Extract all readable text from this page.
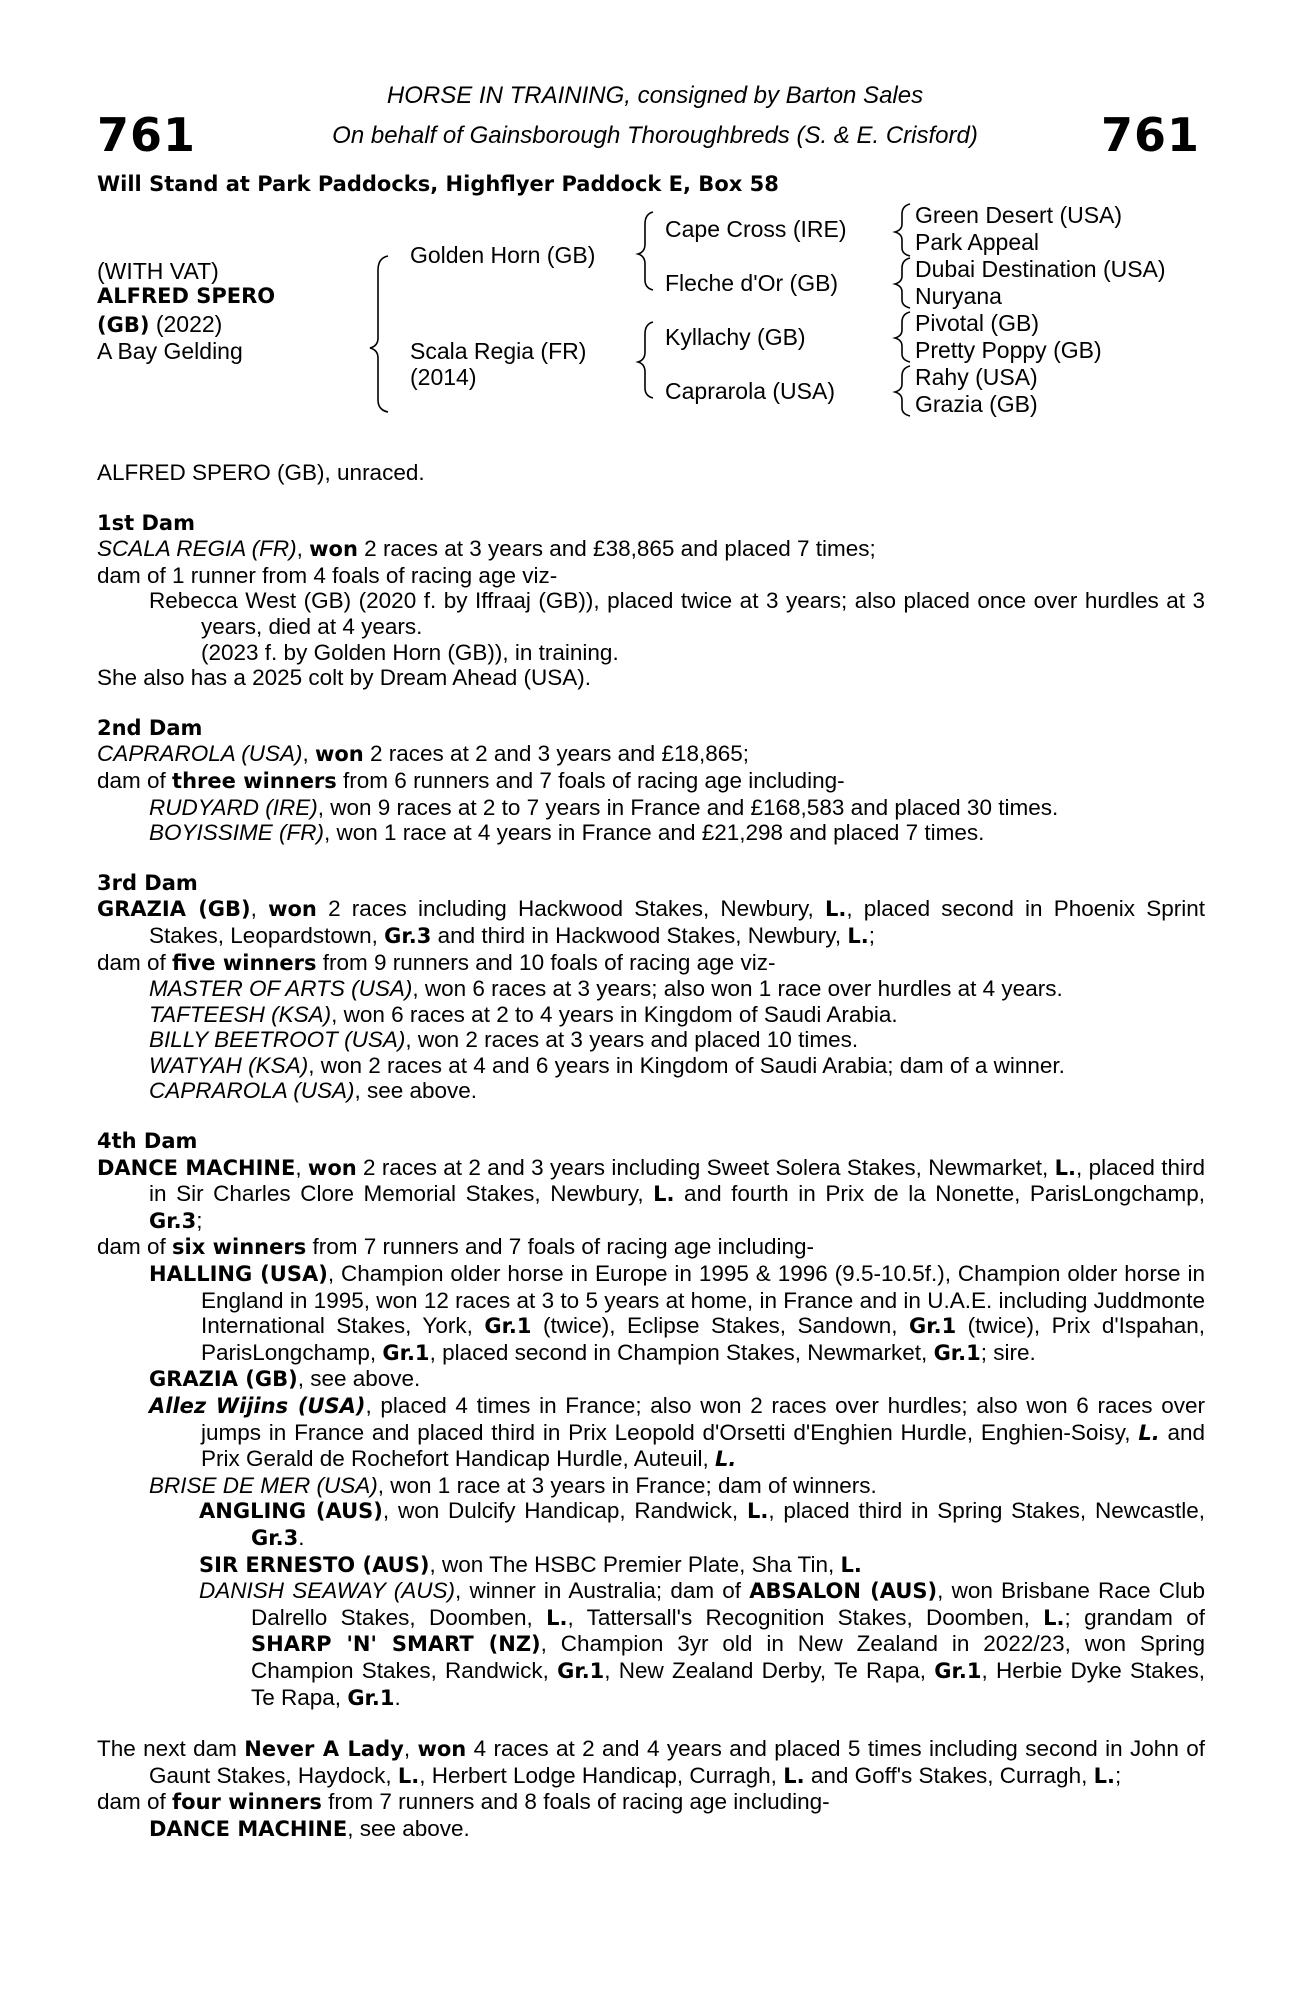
761	761
HORSE IN TRAINING, consigned by Barton Sales
On behalf of Gainsborough Thoroughbreds (S. & E. Crisford)
Will Stand at Park Paddocks, Highflyer Paddock E, Box 58
(WITH VAT)
ALFRED SPERO
(GB) (2022)
A Bay Gelding
Golden Horn (GB)
Scala Regia (FR)
(2014)
Cape Cross (IRE)
Fleche d'Or (GB)
Kyllachy (GB)
Caprarola (USA)
Green Desert (USA)
Park Appeal
Dubai Destination (USA)
Nuryana
Pivotal (GB)
Pretty Poppy (GB)
Rahy (USA)
Grazia (GB)

ALFRED SPERO (GB), unraced.

1st Dam

SCALA REGIA (FR), won 2 races at 3 years and £38,865 and placed 7 times;

dam of 1 runner from 4 foals of racing age viz-

Rebecca West (GB) (2020 f. by Iffraaj (GB)), placed twice at 3 years; also placed once over hurdles at 3 years, died at 4 years.

(2023 f. by Golden Horn (GB)), in training.

She also has a 2025 colt by Dream Ahead (USA).

2nd Dam

CAPRAROLA (USA), won 2 races at 2 and 3 years and £18,865;

dam of three winners from 6 runners and 7 foals of racing age including-

RUDYARD (IRE), won 9 races at 2 to 7 years in France and £168,583 and placed 30 times.

BOYISSIME (FR), won 1 race at 4 years in France and £21,298 and placed 7 times.

3rd Dam

GRAZIA (GB), won 2 races including Hackwood Stakes, Newbury, L., placed second in Phoenix Sprint Stakes, Leopardstown, Gr.3 and third in Hackwood Stakes, Newbury, L.;

dam of five winners from 9 runners and 10 foals of racing age viz-

MASTER OF ARTS (USA), won 6 races at 3 years; also won 1 race over hurdles at 4 years.

TAFTEESH (KSA), won 6 races at 2 to 4 years in Kingdom of Saudi Arabia.

BILLY BEETROOT (USA), won 2 races at 3 years and placed 10 times.

WATYAH (KSA), won 2 races at 4 and 6 years in Kingdom of Saudi Arabia; dam of a winner.

CAPRAROLA (USA), see above.

4th Dam

DANCE MACHINE, won 2 races at 2 and 3 years including Sweet Solera Stakes, Newmarket, L., placed third in Sir Charles Clore Memorial Stakes, Newbury, L. and fourth in Prix de la Nonette, ParisLongchamp, Gr.3;

dam of six winners from 7 runners and 7 foals of racing age including-

HALLING (USA), Champion older horse in Europe in 1995 & 1996 (9.5-10.5f.), Champion older horse in England in 1995, won 12 races at 3 to 5 years at home, in France and in U.A.E. including Juddmonte International Stakes, York, Gr.1 (twice), Eclipse Stakes, Sandown, Gr.1 (twice), Prix d'Ispahan, ParisLongchamp, Gr.1, placed second in Champion Stakes, Newmarket, Gr.1; sire.

GRAZIA (GB), see above.

Allez Wijins (USA), placed 4 times in France; also won 2 races over hurdles; also won 6 races over jumps in France and placed third in Prix Leopold d'Orsetti d'Enghien Hurdle, Enghien-Soisy, L. and Prix Gerald de Rochefort Handicap Hurdle, Auteuil, L.

BRISE DE MER (USA), won 1 race at 3 years in France; dam of winners.

ANGLING (AUS), won Dulcify Handicap, Randwick, L., placed third in Spring Stakes, Newcastle, Gr.3.

SIR ERNESTO (AUS), won The HSBC Premier Plate, Sha Tin, L.

DANISH SEAWAY (AUS), winner in Australia; dam of ABSALON (AUS), won Brisbane Race Club Dalrello Stakes, Doomben, L., Tattersall's Recognition Stakes, Doomben, L.; grandam of SHARP 'N' SMART (NZ), Champion 3yr old in New Zealand in 2022/23, won Spring Champion Stakes, Randwick, Gr.1, New Zealand Derby, Te Rapa, Gr.1, Herbie Dyke Stakes, Te Rapa, Gr.1.

The next dam Never A Lady, won 4 races at 2 and 4 years and placed 5 times including second in John of Gaunt Stakes, Haydock, L., Herbert Lodge Handicap, Curragh, L. and Goff's Stakes, Curragh, L.;

dam of four winners from 7 runners and 8 foals of racing age including-

DANCE MACHINE, see above.
